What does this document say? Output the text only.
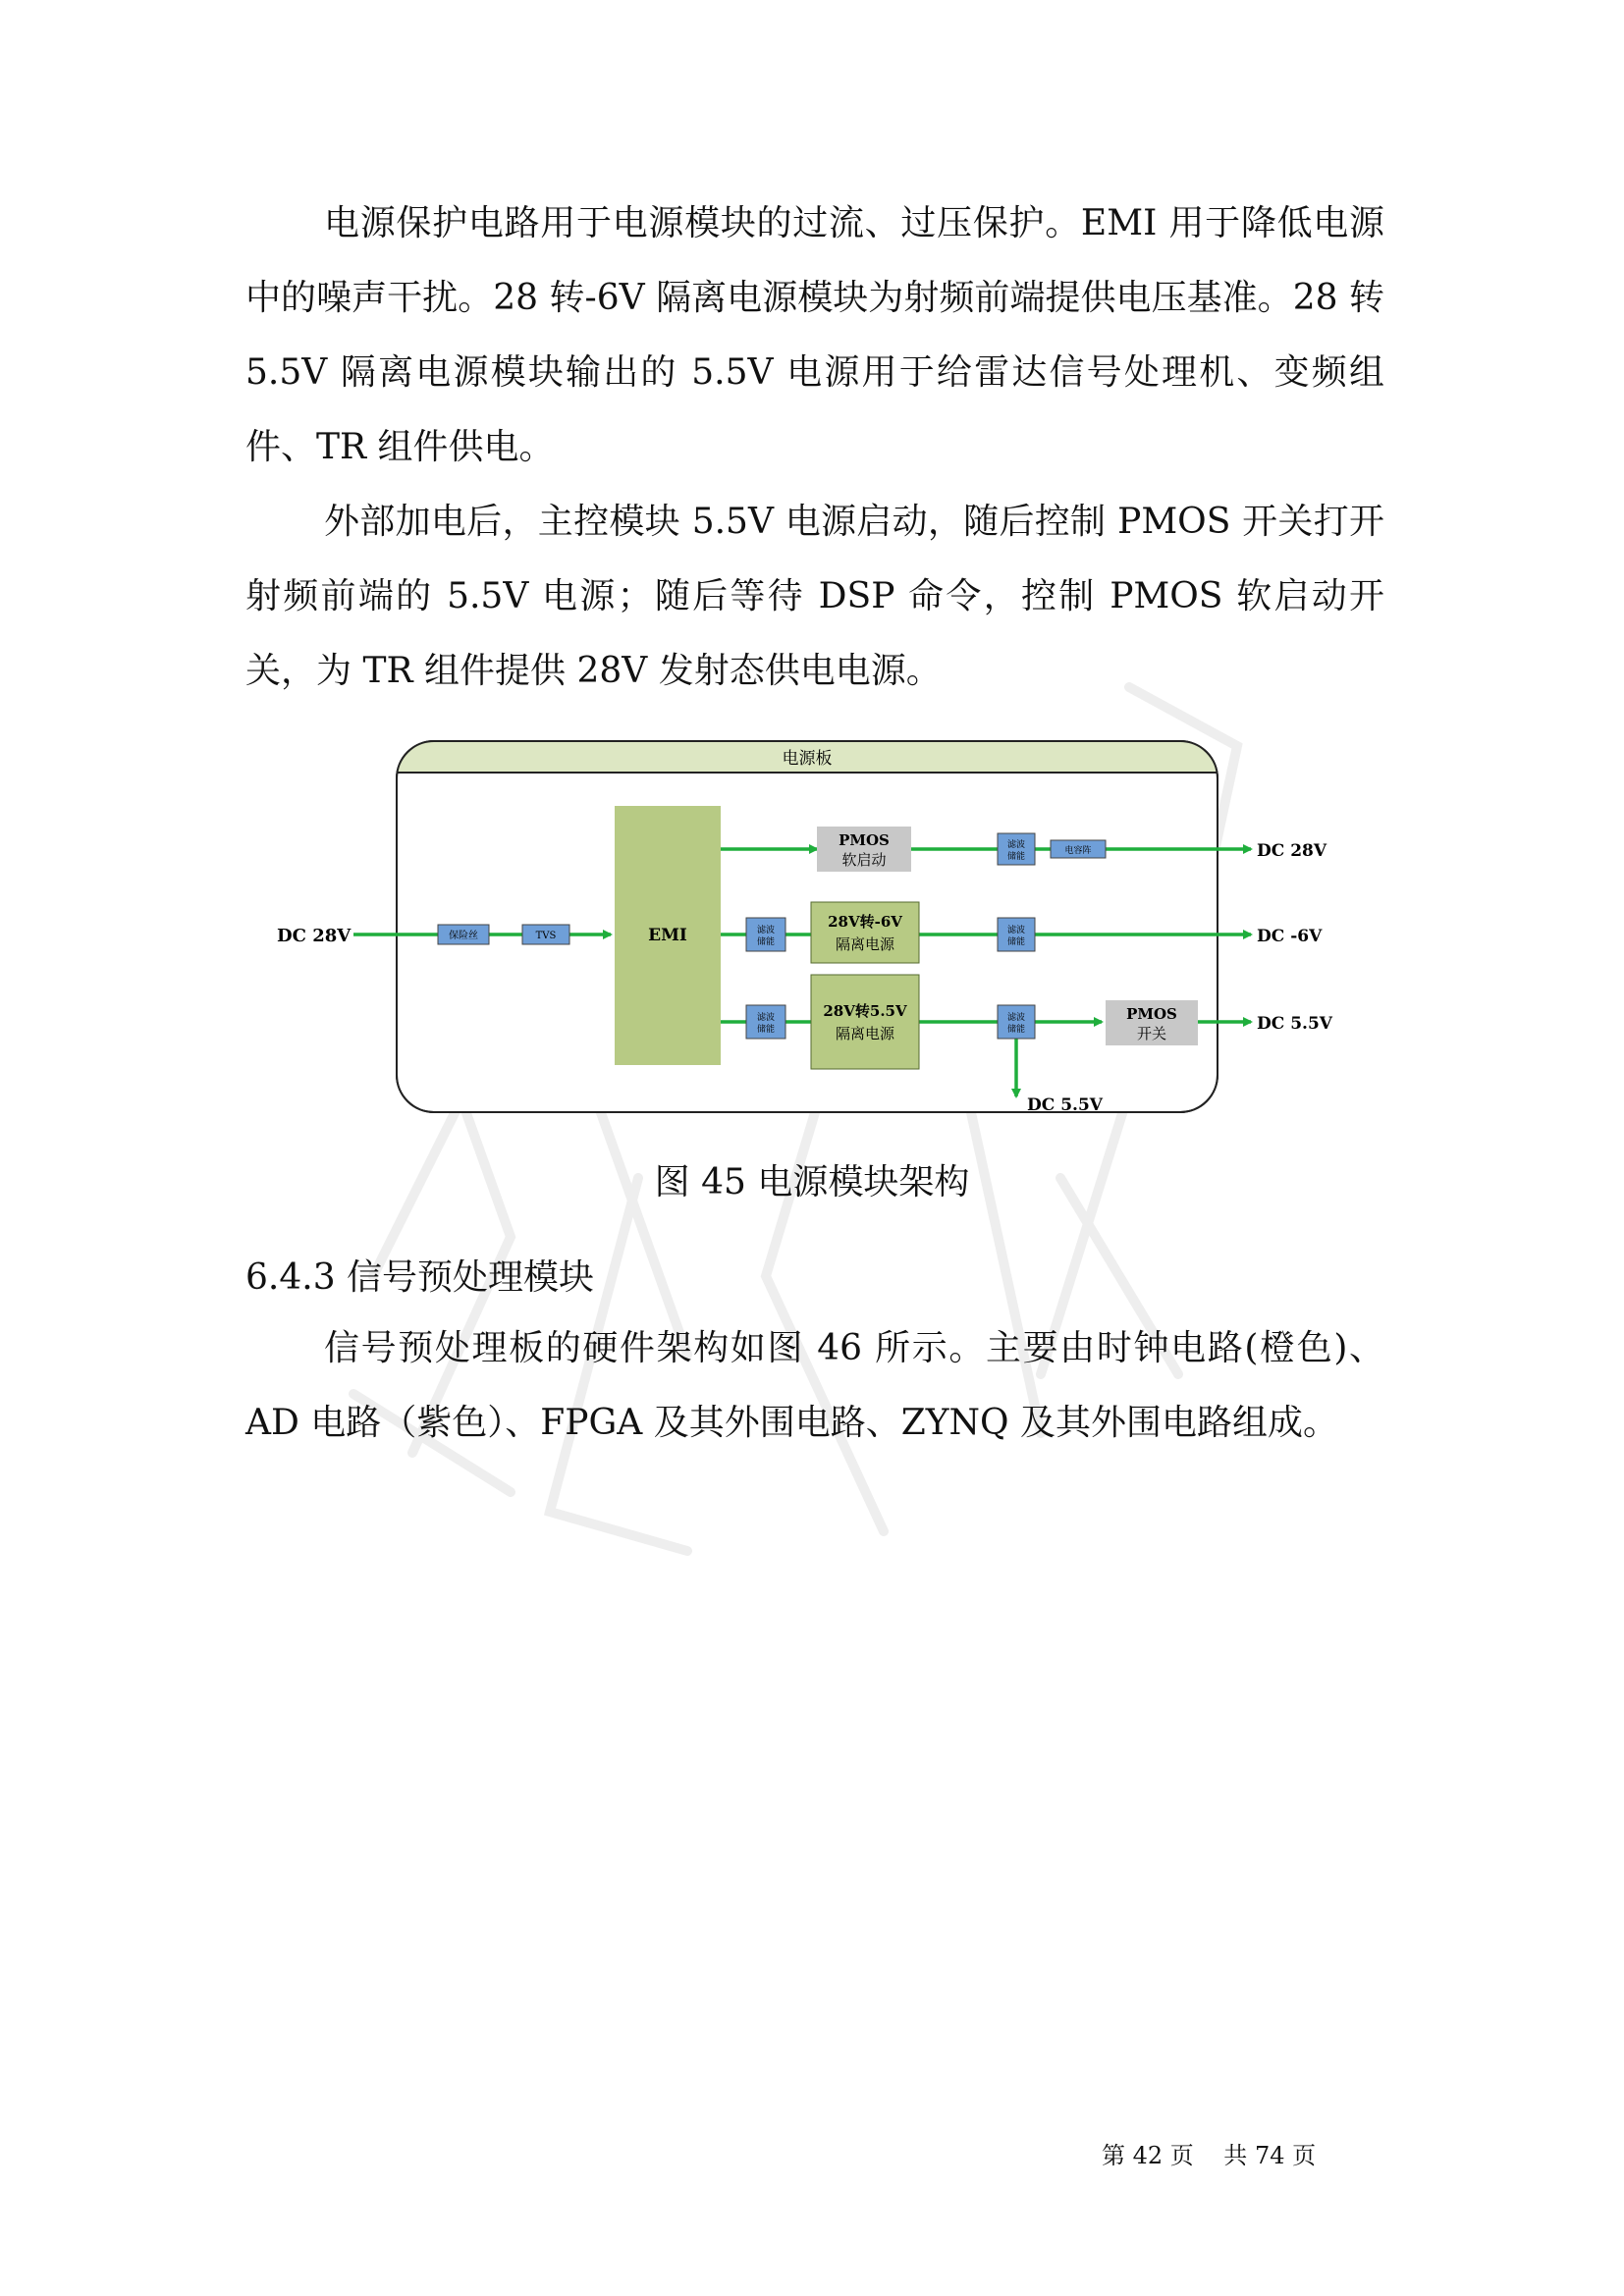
电源保护电路用于电源模块的过流、过压保护。EMI 用于降低电源中的噪声干扰。28 转-6V 隔离电源模块为射频前端提供电压基准。28 转 5.5V 隔离电源模块输出的 5.5V 电源用于给雷达信号处理机、变频组件、TR 组件供电。

外部加电后，主控模块 5.5V 电源启动，随后控制 PMOS 开关打开射频前端的 5.5V 电源；随后等待 DSP 命令，控制 PMOS 软启动开关，为 TR 组件提供 28V 发射态供电电源。

电源板
DC 28V	保险丝	TVS	EMI
PMOS
软启动
滤波
储能
电容阵
滤波
储能
28V转-6V
隔离电源
滤波
储能
滤波
储能
28V转5.5V
隔离电源
滤波
储能
PMOS
开关
DC 28V
DC -6V
DC 5.5V
DC 5.5V

图 45 电源模块架构

6.4.3 信号预处理模块

信号预处理板的硬件架构如图 46 所示。主要由时钟电路(橙色)、AD 电路（紫色）、FPGA 及其外围电路、ZYNQ 及其外围电路组成。

第 42 页    共 74 页
